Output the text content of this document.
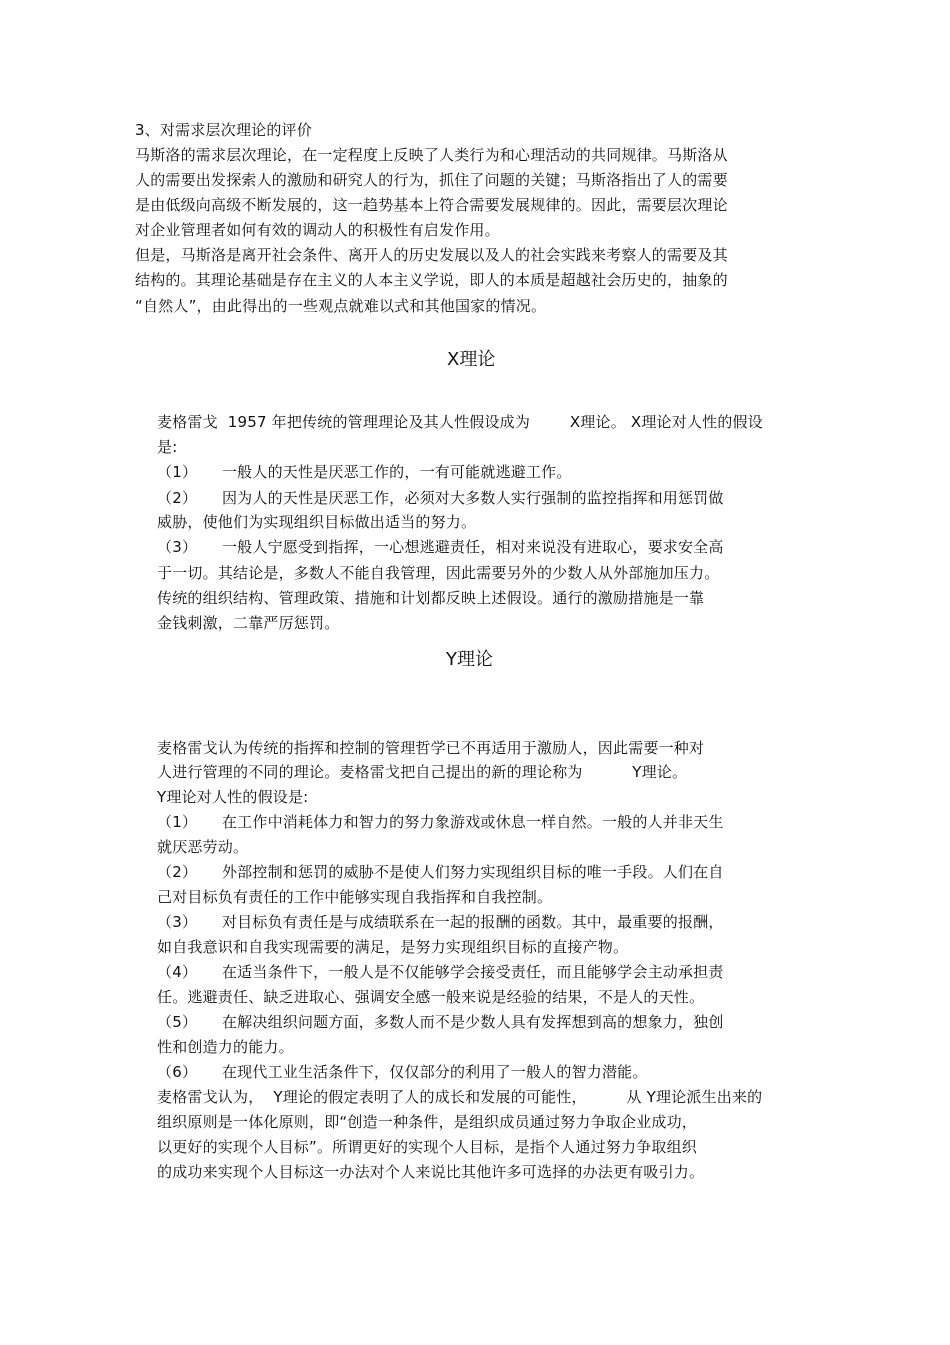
3、对需求层次理论的评价
马斯洛的需求层次理论，在一定程度上反映了人类行为和心理活动的共同规律。马斯洛从
人的需要出发探索人的激励和研究人的行为，抓住了问题的关键；马斯洛指出了人的需要
是由低级向高级不断发展的，这一趋势基本上符合需要发展规律的。因此，需要层次理论
对企业管理者如何有效的调动人的积极性有启发作用。
但是，马斯洛是离开社会条件、离开人的历史发展以及人的社会实践来考察人的需要及其
结构的。其理论基础是存在主义的人本主义学说，即人的本质是超越社会历史的，抽象的
“自然人”，由此得出的一些观点就难以式和其他国家的情况。
X理论
麦格雷戈  1957 年把传统的管理理论及其人性假设成为        X理论。 X理论对人性的假设
是:
（1）     一般人的天性是厌恶工作的，一有可能就逃避工作。
（2）     因为人的天性是厌恶工作，必须对大多数人实行强制的监控指挥和用惩罚做
威胁，使他们为实现组织目标做出适当的努力。
（3）     一般人宁愿受到指挥，一心想逃避责任，相对来说没有进取心，要求安全高
于一切。其结论是，多数人不能自我管理，因此需要另外的少数人从外部施加压力。
传统的组织结构、管理政策、措施和计划都反映上述假设。通行的激励措施是一靠
金钱刺激，二靠严厉惩罚。
Y理论
麦格雷戈认为传统的指挥和控制的管理哲学已不再适用于激励人，因此需要一种对
人进行管理的不同的理论。麦格雷戈把自己提出的新的理论称为          Y理论。
Y理论对人性的假设是:
（1）     在工作中消耗体力和智力的努力象游戏或休息一样自然。一般的人并非天生
就厌恶劳动。
（2）     外部控制和惩罚的威胁不是使人们努力实现组织目标的唯一手段。人们在自
己对目标负有责任的工作中能够实现自我指挥和自我控制。
（3）     对目标负有责任是与成绩联系在一起的报酬的函数。其中，最重要的报酬，
如自我意识和自我实现需要的满足，是努力实现组织目标的直接产物。
（4）     在适当条件下，一般人是不仅能够学会接受责任，而且能够学会主动承担责
任。逃避责任、缺乏进取心、强调安全感一般来说是经验的结果，不是人的天性。
（5）     在解决组织问题方面，多数人而不是少数人具有发挥想到高的想象力，独创
性和创造力的能力。
（6）     在现代工业生活条件下，仅仅部分的利用了一般人的智力潜能。
麦格雷戈认为，  Y理论的假定表明了人的成长和发展的可能性，        从 Y理论派生出来的
组织原则是一体化原则，即“创造一种条件，是组织成员通过努力争取企业成功，
以更好的实现个人目标”。所谓更好的实现个人目标，是指个人通过努力争取组织
的成功来实现个人目标这一办法对个人来说比其他许多可选择的办法更有吸引力。
